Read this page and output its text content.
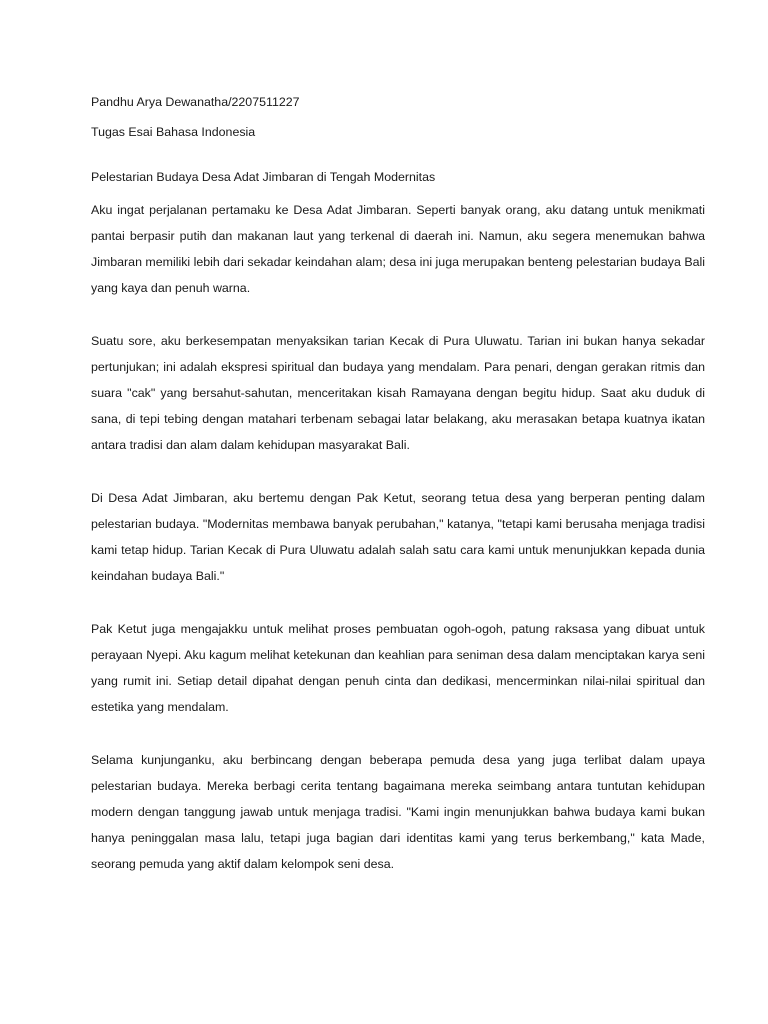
Pandhu Arya Dewanatha/2207511227

Tugas Esai Bahasa Indonesia

Pelestarian Budaya Desa Adat Jimbaran di Tengah Modernitas

Aku ingat perjalanan pertamaku ke Desa Adat Jimbaran. Seperti banyak orang, aku datang untuk menikmati pantai berpasir putih dan makanan laut yang terkenal di daerah ini. Namun, aku segera menemukan bahwa Jimbaran memiliki lebih dari sekadar keindahan alam; desa ini juga merupakan benteng pelestarian budaya Bali yang kaya dan penuh warna.

Suatu sore, aku berkesempatan menyaksikan tarian Kecak di Pura Uluwatu. Tarian ini bukan hanya sekadar pertunjukan; ini adalah ekspresi spiritual dan budaya yang mendalam. Para penari, dengan gerakan ritmis dan suara "cak" yang bersahut-sahutan, menceritakan kisah Ramayana dengan begitu hidup. Saat aku duduk di sana, di tepi tebing dengan matahari terbenam sebagai latar belakang, aku merasakan betapa kuatnya ikatan antara tradisi dan alam dalam kehidupan masyarakat Bali.

Di Desa Adat Jimbaran, aku bertemu dengan Pak Ketut, seorang tetua desa yang berperan penting dalam pelestarian budaya. "Modernitas membawa banyak perubahan," katanya, "tetapi kami berusaha menjaga tradisi kami tetap hidup. Tarian Kecak di Pura Uluwatu adalah salah satu cara kami untuk menunjukkan kepada dunia keindahan budaya Bali."

Pak Ketut juga mengajakku untuk melihat proses pembuatan ogoh-ogoh, patung raksasa yang dibuat untuk perayaan Nyepi. Aku kagum melihat ketekunan dan keahlian para seniman desa dalam menciptakan karya seni yang rumit ini. Setiap detail dipahat dengan penuh cinta dan dedikasi, mencerminkan nilai-nilai spiritual dan estetika yang mendalam.

Selama kunjunganku, aku berbincang dengan beberapa pemuda desa yang juga terlibat dalam upaya pelestarian budaya. Mereka berbagi cerita tentang bagaimana mereka seimbang antara tuntutan kehidupan modern dengan tanggung jawab untuk menjaga tradisi. "Kami ingin menunjukkan bahwa budaya kami bukan hanya peninggalan masa lalu, tetapi juga bagian dari identitas kami yang terus berkembang," kata Made, seorang pemuda yang aktif dalam kelompok seni desa.
